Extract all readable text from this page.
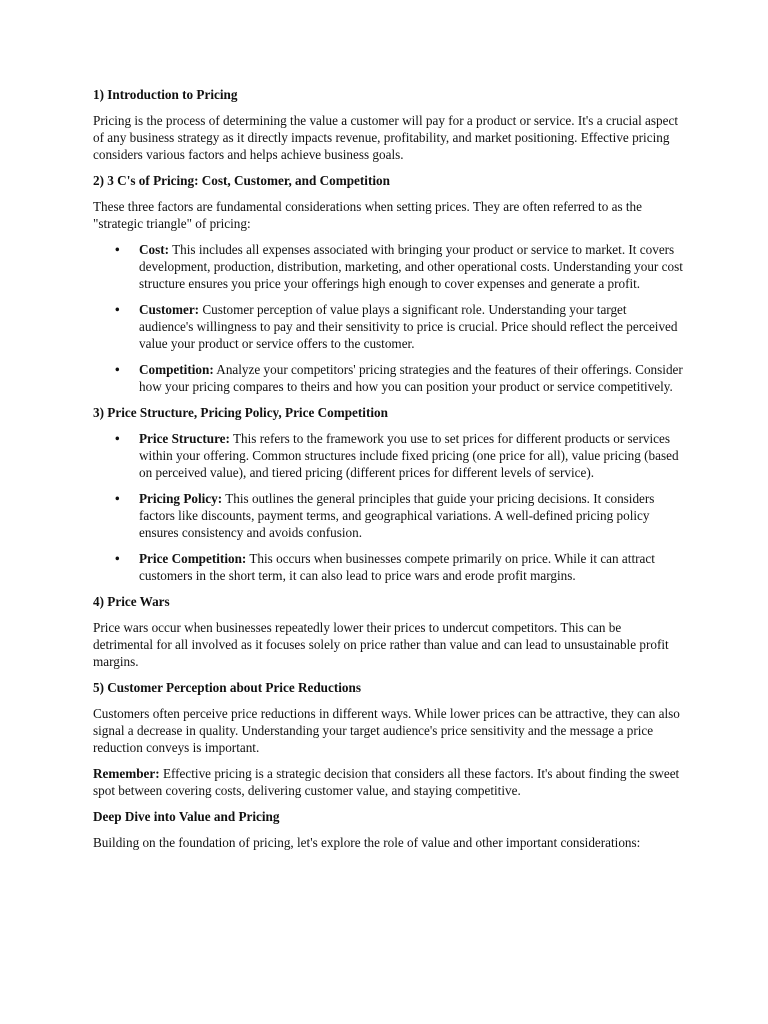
1) Introduction to Pricing

Pricing is the process of determining the value a customer will pay for a product or service. It's a crucial aspect of any business strategy as it directly impacts revenue, profitability, and market positioning. Effective pricing considers various factors and helps achieve business goals.

2) 3 C's of Pricing: Cost, Customer, and Competition

These three factors are fundamental considerations when setting prices. They are often referred to as the "strategic triangle" of pricing:

• Cost: This includes all expenses associated with bringing your product or service to market. It covers development, production, distribution, marketing, and other operational costs. Understanding your cost structure ensures you price your offerings high enough to cover expenses and generate a profit.
• Customer: Customer perception of value plays a significant role. Understanding your target audience's willingness to pay and their sensitivity to price is crucial. Price should reflect the perceived value your product or service offers to the customer.
• Competition: Analyze your competitors' pricing strategies and the features of their offerings. Consider how your pricing compares to theirs and how you can position your product or service competitively.
3) Price Structure, Pricing Policy, Price Competition
• Price Structure: This refers to the framework you use to set prices for different products or services within your offering. Common structures include fixed pricing (one price for all), value pricing (based on perceived value), and tiered pricing (different prices for different levels of service).
• Pricing Policy: This outlines the general principles that guide your pricing decisions. It considers factors like discounts, payment terms, and geographical variations. A well-defined pricing policy ensures consistency and avoids confusion.
• Price Competition: This occurs when businesses compete primarily on price. While it can attract customers in the short term, it can also lead to price wars and erode profit margins.
4) Price Wars

Price wars occur when businesses repeatedly lower their prices to undercut competitors. This can be detrimental for all involved as it focuses solely on price rather than value and can lead to unsustainable profit margins.

5) Customer Perception about Price Reductions

Customers often perceive price reductions in different ways. While lower prices can be attractive, they can also signal a decrease in quality. Understanding your target audience's price sensitivity and the message a price reduction conveys is important.

Remember: Effective pricing is a strategic decision that considers all these factors. It's about finding the sweet spot between covering costs, delivering customer value, and staying competitive.

Deep Dive into Value and Pricing

Building on the foundation of pricing, let's explore the role of value and other important considerations:
